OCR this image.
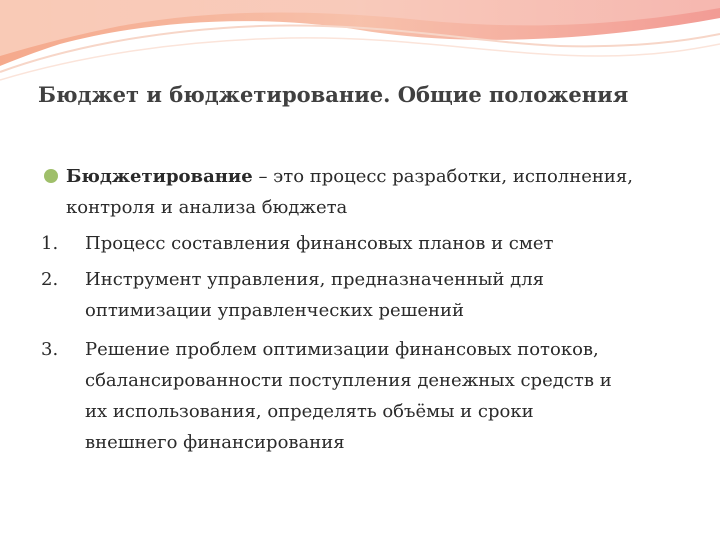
Бюджет и бюджетирование. Общие положения
Бюджетирование – это процесс разработки, исполнения, контроля и анализа бюджета
1.	Процесс составления финансовых планов и смет
2.	Инструмент управления, предназначенный для оптимизации управленческих решений
3.	Решение проблем оптимизации финансовых потоков, сбалансированности поступления денежных средств и их использования, определять объёмы и сроки внешнего финансирования
